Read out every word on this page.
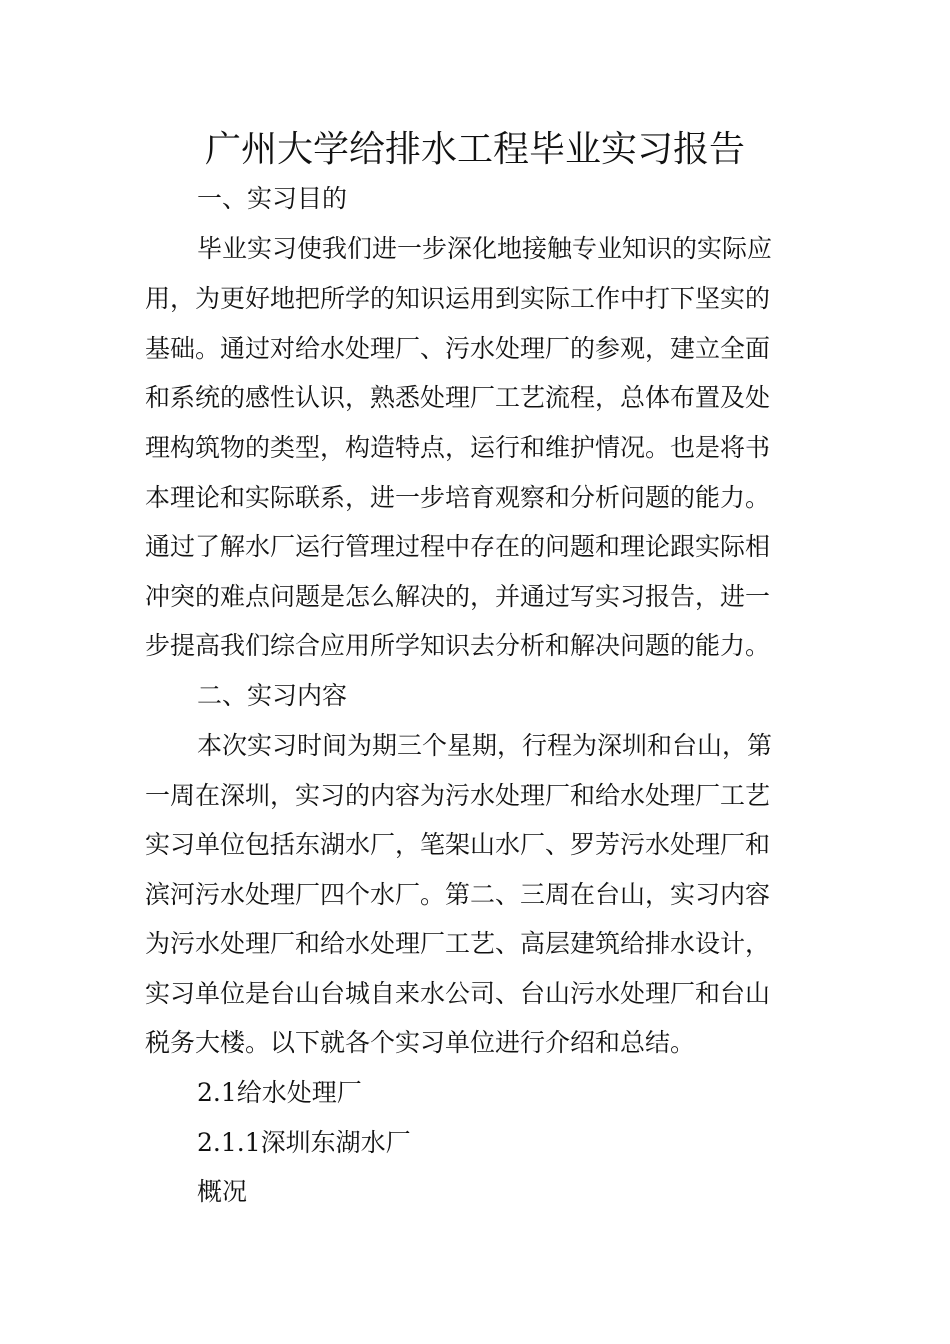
广州大学给排水工程毕业实习报告

一、实习目的

毕业实习使我们进一步深化地接触专业知识的实际应

用，为更好地把所学的知识运用到实际工作中打下坚实的

基础。通过对给水处理厂、污水处理厂的参观，建立全面

和系统的感性认识，熟悉处理厂工艺流程，总体布置及处

理构筑物的类型，构造特点，运行和维护情况。也是将书

本理论和实际联系，进一步培育观察和分析问题的能力。

通过了解水厂运行管理过程中存在的问题和理论跟实际相

冲突的难点问题是怎么解决的，并通过写实习报告，进一

步提高我们综合应用所学知识去分析和解决问题的能力。

二、实习内容

本次实习时间为期三个星期，行程为深圳和台山，第

一周在深圳，实习的内容为污水处理厂和给水处理厂工艺

实习单位包括东湖水厂，笔架山水厂、罗芳污水处理厂和

滨河污水处理厂四个水厂。第二、三周在台山，实习内容

为污水处理厂和给水处理厂工艺、高层建筑给排水设计，

实习单位是台山台城自来水公司、台山污水处理厂和台山

税务大楼。以下就各个实习单位进行介绍和总结。

2.1给水处理厂

2.1.1深圳东湖水厂

概况
